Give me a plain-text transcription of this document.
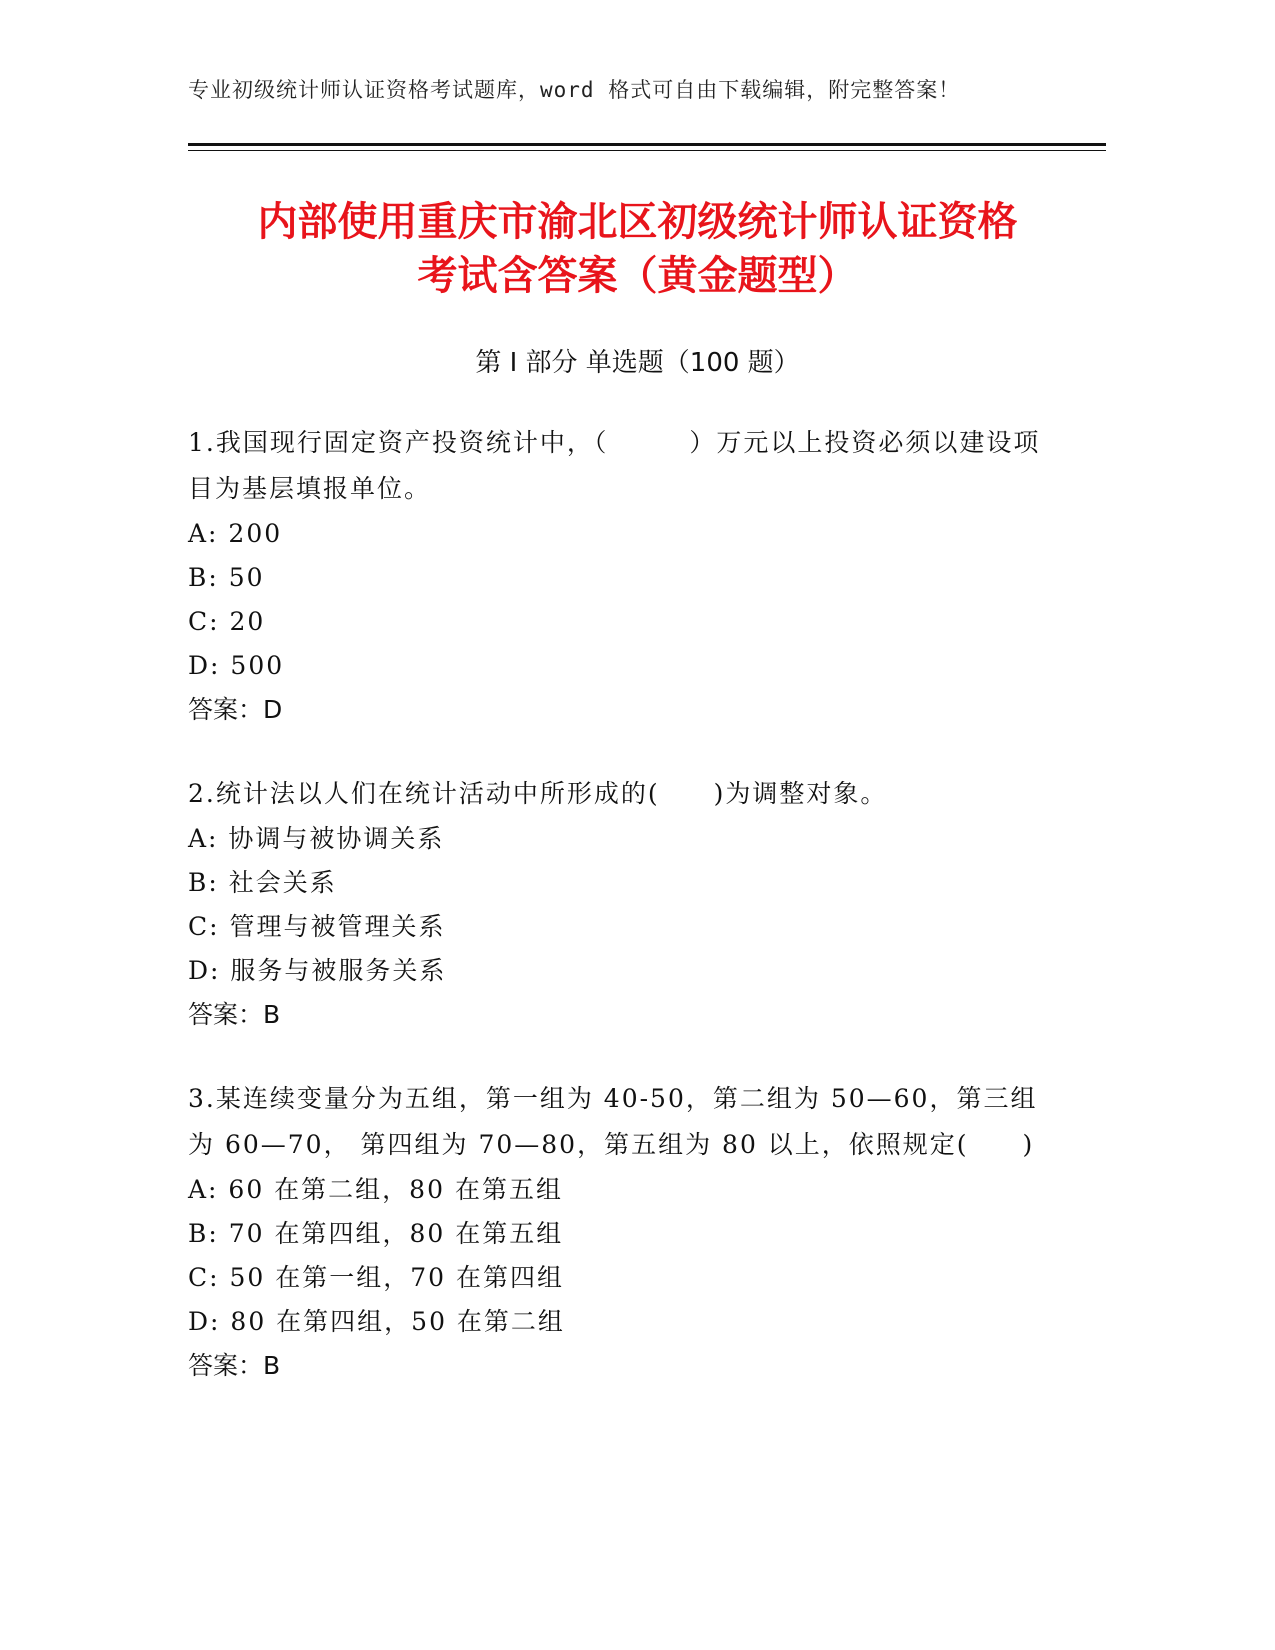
专业初级统计师认证资格考试题库，word 格式可自由下载编辑，附完整答案！
内部使用重庆市渝北区初级统计师认证资格
考试含答案（黄金题型）
第 I 部分 单选题（100 题）

1.我国现行固定资产投资统计中，（　　　）万元以上投资必须以建设项目为基层填报单位。

A: 200

B: 50

C: 20

D: 500

答案：D

2.统计法以人们在统计活动中所形成的(　　)为调整对象。

A: 协调与被协调关系

B: 社会关系

C: 管理与被管理关系

D: 服务与被服务关系

答案：B

3.某连续变量分为五组，第一组为 40-50，第二组为 50—60，第三组为 60—70， 第四组为 70—80，第五组为 80 以上，依照规定(　　)

A: 60 在第二组，80 在第五组

B: 70 在第四组，80 在第五组

C: 50 在第一组，70 在第四组

D: 80 在第四组，50 在第二组

答案：B
